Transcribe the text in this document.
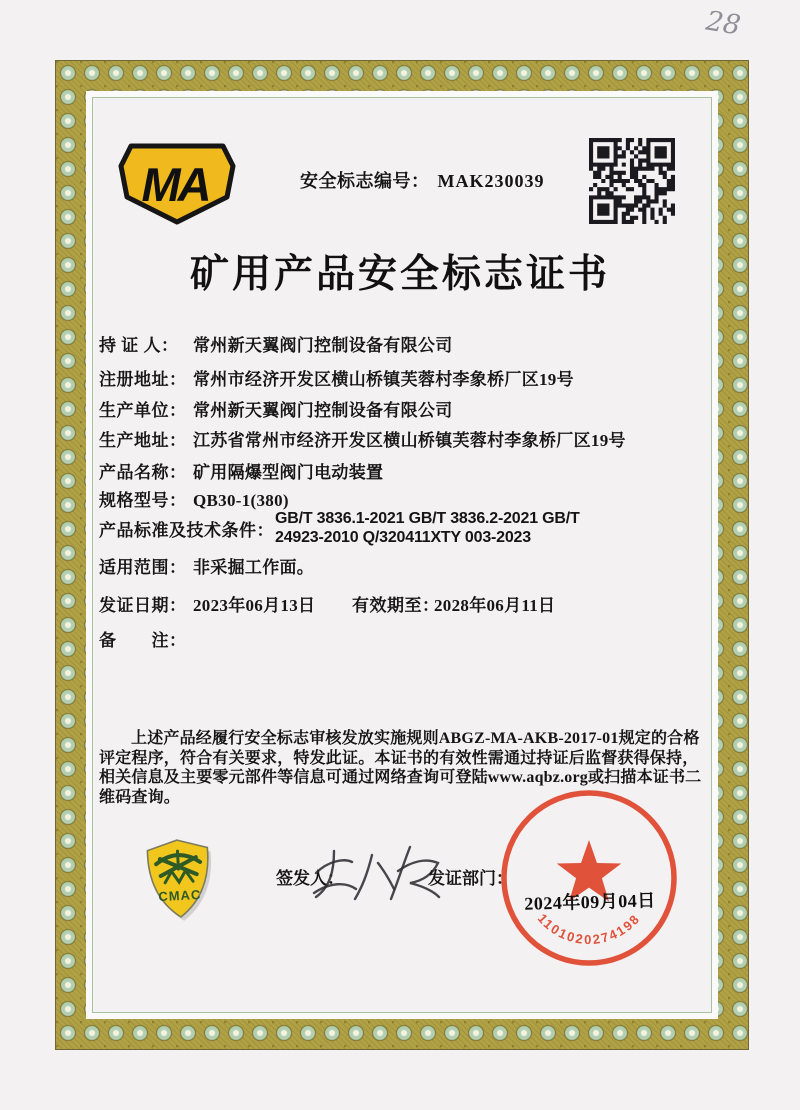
28
MA	安全标志编号： MAK230039
矿用产品安全标志证书
持 证 人： 常州新天翼阀门控制设备有限公司
注册地址： 常州市经济开发区横山桥镇芙蓉村李象桥厂区19号
生产单位： 常州新天翼阀门控制设备有限公司
生产地址： 江苏省常州市经济开发区横山桥镇芙蓉村李象桥厂区19号
产品名称： 矿用隔爆型阀门电动装置
规格型号： QB30-1(380)
产品标准及技术条件：
GB/T 3836.1-2021 GB/T 3836.2-2021 GB/T 24923-2010 Q/320411XTY 003-2023
适用范围： 非采掘工作面。
发证日期： 2023年06月13日 有效期至：2028年06月11日
备　　注：

上述产品经履行安全标志审核发放实施规则ABGZ-MA-AKB-2017-01规定的合格评定程序，符合有关要求，特发此证。本证书的有效性需通过持证后监督获得保持，相关信息及主要零元部件等信息可通过网络查询可登陆www.aqbz.org或扫描本证书二维码查询。

CMAC
签发人：	发证部门：
1101020274198
2024年09月04日
